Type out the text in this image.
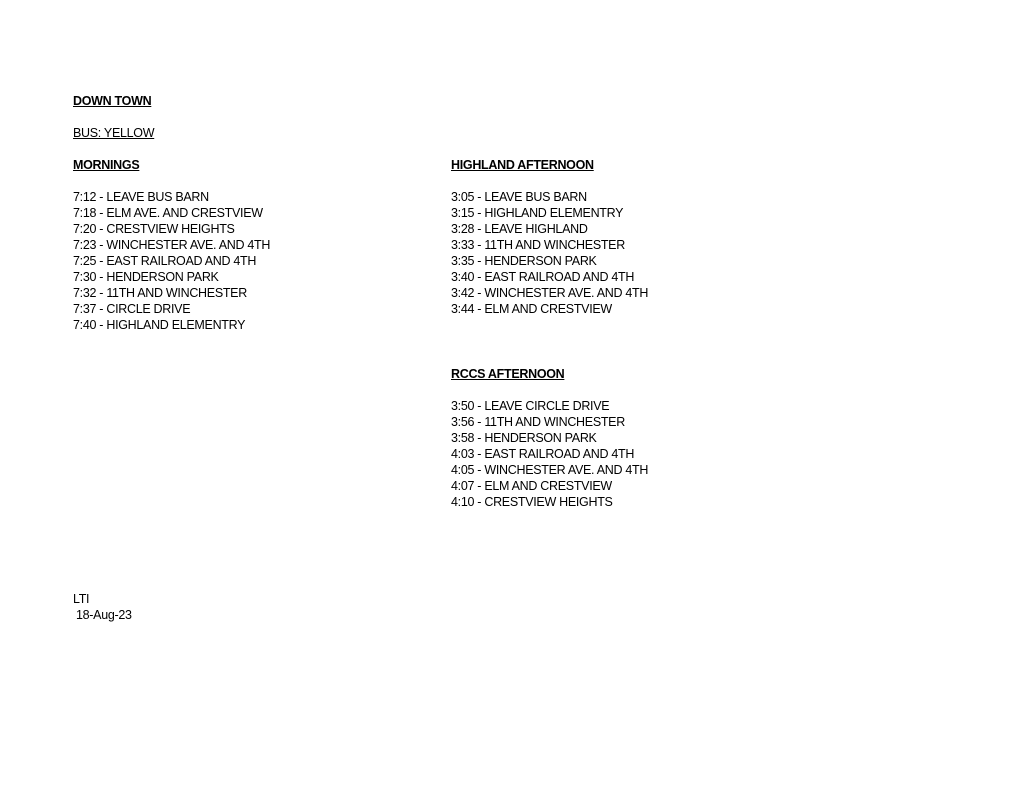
DOWN TOWN
BUS: YELLOW
MORNINGS
7:12 - LEAVE BUS BARN
7:18 - ELM AVE. AND CRESTVIEW
7:20 - CRESTVIEW HEIGHTS
7:23 - WINCHESTER AVE. AND 4TH
7:25 - EAST RAILROAD AND 4TH
7:30 - HENDERSON PARK
7:32 - 11TH AND WINCHESTER
7:37 - CIRCLE DRIVE
7:40 - HIGHLAND ELEMENTRY
HIGHLAND AFTERNOON
3:05 - LEAVE BUS BARN
3:15 - HIGHLAND ELEMENTRY
3:28 - LEAVE HIGHLAND
3:33 - 11TH AND WINCHESTER
3:35 - HENDERSON PARK
3:40 - EAST RAILROAD AND 4TH
3:42 - WINCHESTER AVE. AND 4TH
3:44 - ELM AND CRESTVIEW
RCCS AFTERNOON
3:50 - LEAVE CIRCLE DRIVE
3:56 - 11TH AND WINCHESTER
3:58 - HENDERSON PARK
4:03 - EAST RAILROAD AND 4TH
4:05 - WINCHESTER AVE. AND 4TH
4:07 - ELM AND CRESTVIEW
4:10 - CRESTVIEW HEIGHTS
LTI
18-Aug-23
